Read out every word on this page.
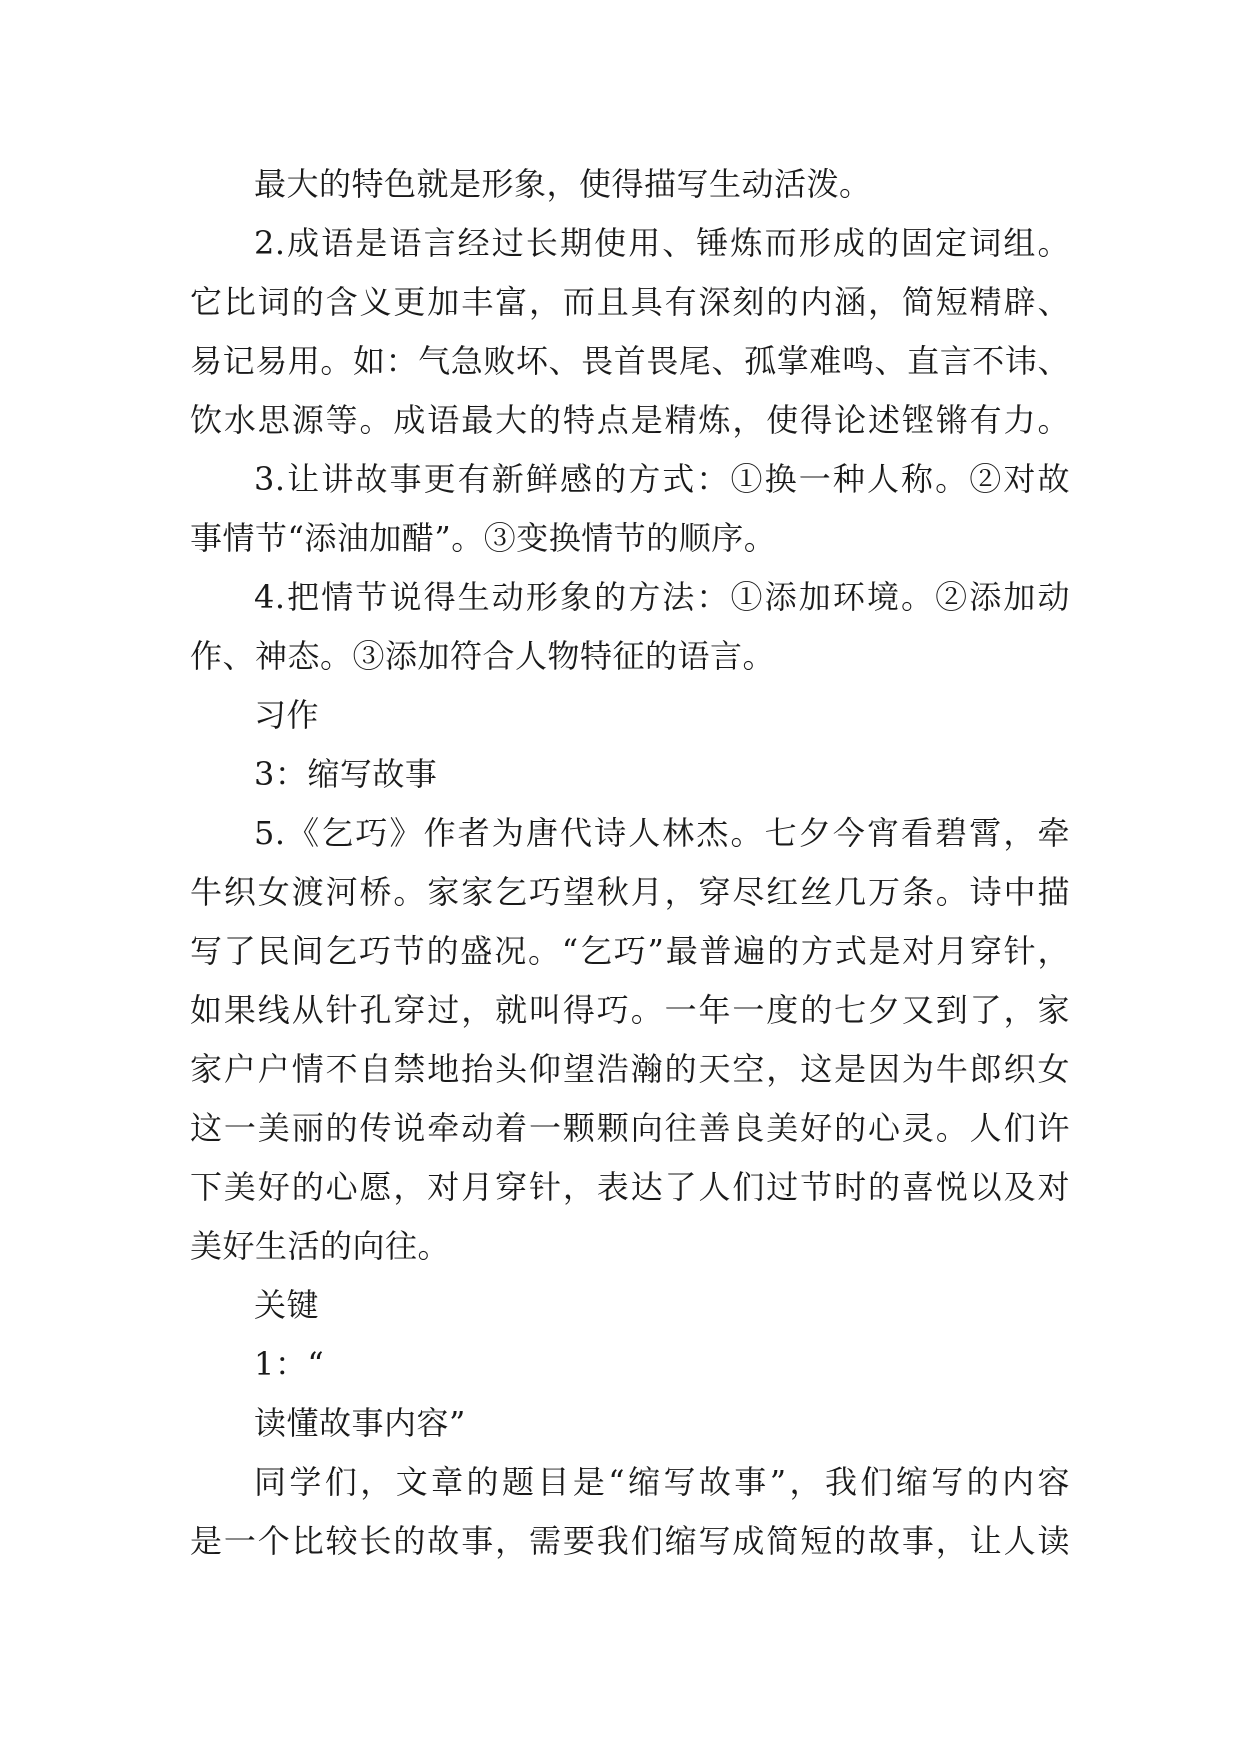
最大的特色就是形象，使得描写生动活泼。
2.成语是语言经过长期使用、锤炼而形成的固定词组。
它比词的含义更加丰富，而且具有深刻的内涵，简短精辟、
易记易用。如：气急败坏、畏首畏尾、孤掌难鸣、直言不讳、
饮水思源等。成语最大的特点是精炼，使得论述铿锵有力。
3.让讲故事更有新鲜感的方式：①换一种人称。②对故
事情节“添油加醋”。③变换情节的顺序。
4.把情节说得生动形象的方法：①添加环境。②添加动
作、神态。③添加符合人物特征的语言。
习作
3：缩写故事
5.《乞巧》作者为唐代诗人林杰。七夕今宵看碧霄，牵
牛织女渡河桥。家家乞巧望秋月，穿尽红丝几万条。诗中描
写了民间乞巧节的盛况。“乞巧”最普遍的方式是对月穿针，
如果线从针孔穿过，就叫得巧。一年一度的七夕又到了，家
家户户情不自禁地抬头仰望浩瀚的天空，这是因为牛郎织女
这一美丽的传说牵动着一颗颗向往善良美好的心灵。人们许
下美好的心愿，对月穿针，表达了人们过节时的喜悦以及对
美好生活的向往。
关键
1：“
读懂故事内容”
同学们，文章的题目是“缩写故事”，我们缩写的内容
是一个比较长的故事，需要我们缩写成简短的故事，让人读
